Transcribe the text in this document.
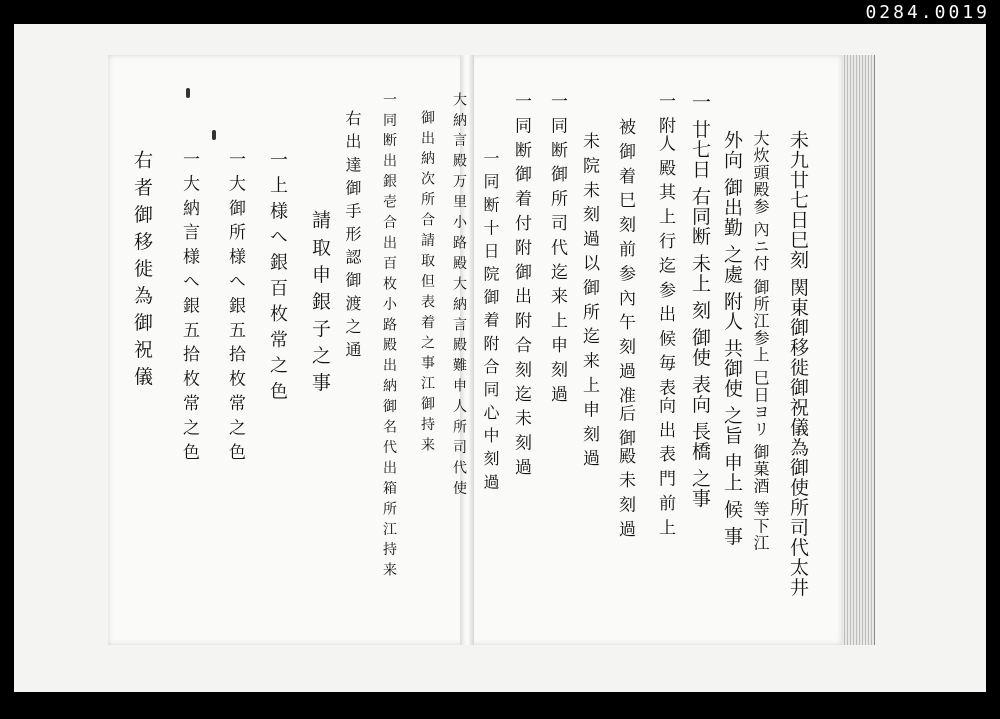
0284.0019
未九廿七日巳刻 関東御移徙御祝儀為御使所司代太井
大炊頭殿参 內ニ付 御所江参上 巳日ヨリ 御菓酒 等下江
外向 御出勤 之處 附人 共御使 之旨 申上 候 事
一 廿七日 右同断 未上 刻 御使 表向 長橋 之事
一 附人 殿 其 上 行 迄 参 出 候 毎 表向 出 表 門 前 上
被 御 着 巳 刻 前 参 內 午 刻 過 准后 御殿 未 刻 過
一 同 断 御 所 司 代 迄 来 上 申 刻 過 未 院 未 刻 過 以 御 所 迄 来 上 申 刻 過
一 同 断 御 着 付 附 御 出 附 合 刻 迄 未 刻 過
一 同 断 十 日 院 御 着 附 合 同 心 中 刻 過
大 納 言 殿 万 里 小 路 殿 大 納 言 殿 難 申 人 所 司 代 使
御 出 納 次 所 合 請 取 但 表 着 之 事 江 御 持 来
一 同 断 出 銀 壱 合 出 百 枚 小 路 殿 出 納 御 名 代 出 箱 所 江 持 来
右 出 達 御 手 形 認 御 渡 之 通
請 取 申 銀 子 之 事
一 上 様 へ 銀 百 枚 常 之 色
一 大 御 所 様 へ 銀 五 拾 枚 常 之 色
一 大 納 言 様 へ 銀 五 拾 枚 常 之 色
右 者 御 移 徙 為 御 祝 儀
